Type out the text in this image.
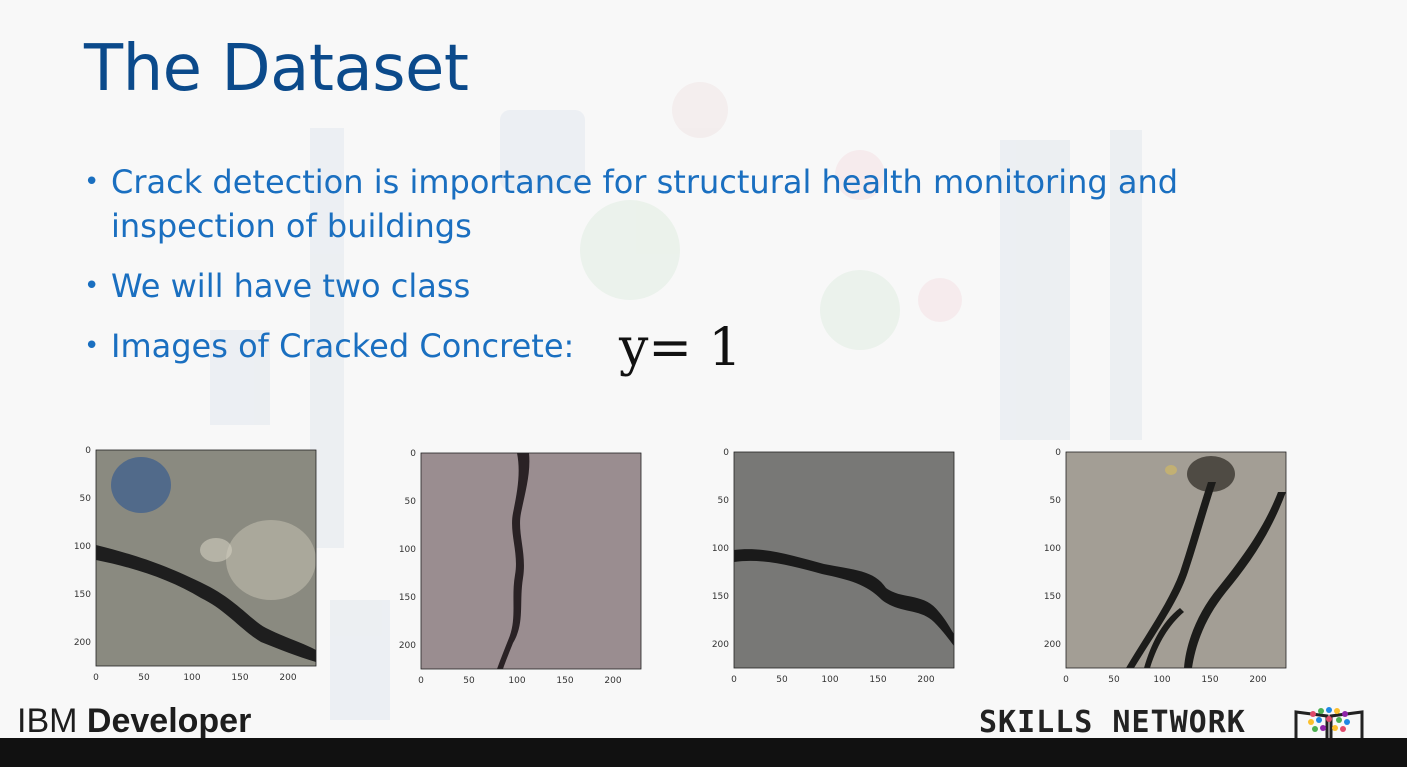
The Dataset
• Crack detection is importance for structural health monitoring and inspection of buildings
• We will have two class
• Images of Cracked Concrete: y= 1
0
50
100
150
200
0	50	100	150	200
0
50
100
150
200
0	50	100	150	200
0
50
100
150
200
0	50	100	150	200
0
50
100
150
200
0	50	100	150	200
IBM Developer	SKILLS NETWORK
